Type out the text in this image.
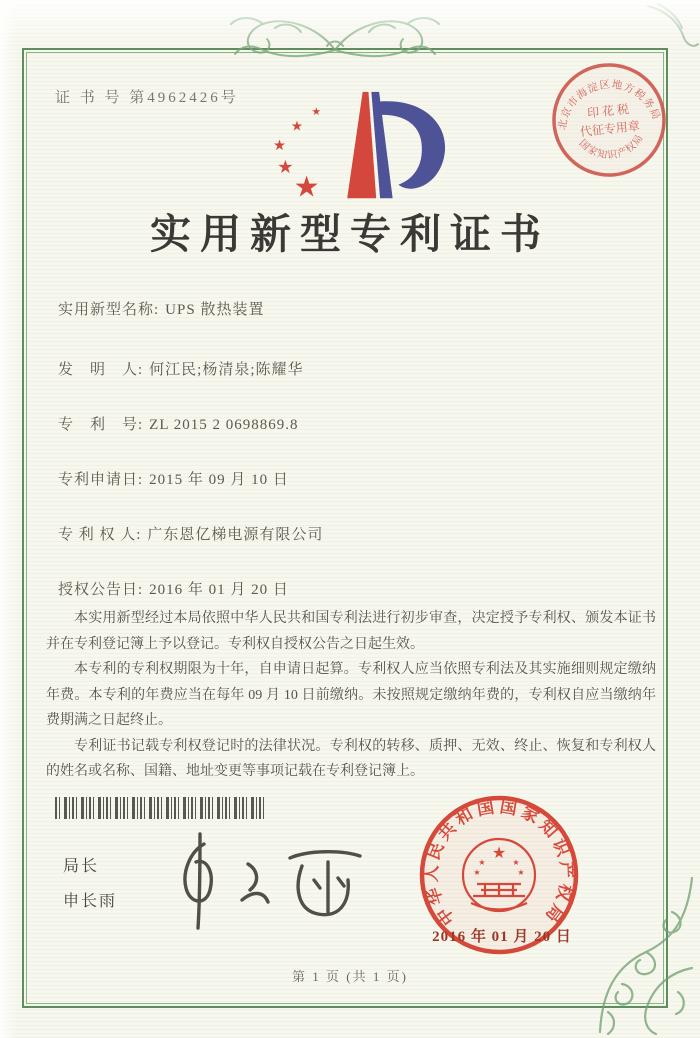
证 书 号 第4962426号
★
★
★
★
★
实用新型专利证书
实用新型名称: UPS 散热装置
发　明　人: 何江民;杨清泉;陈耀华
专　利　号: ZL 2015 2 0698869.8
专利申请日: 2015 年 09 月 10 日
专 利 权 人: 广东恩亿梯电源有限公司
授权公告日: 2016 年 01 月 20 日

本实用新型经过本局依照中华人民共和国专利法进行初步审查，决定授予专利权、颁发本证书并在专利登记簿上予以登记。专利权自授权公告之日起生效。

本专利的专利权期限为十年，自申请日起算。专利权人应当依照专利法及其实施细则规定缴纳年费。本专利的年费应当在每年 09 月 10 日前缴纳。未按照规定缴纳年费的，专利权自应当缴纳年费期满之日起终止。

专利证书记载专利权登记时的法律状况。专利权的转移、质押、无效、终止、恢复和专利权人的姓名或名称、国籍、地址变更等事项记载在专利登记簿上。

局长
申长雨	中华人民共和国国家知识产权局
★
★	★
★	★
2016 年 01 月 20 日
北京市海淀区地方税务局
国家知识产权局
印 花 税
代征专用章
第 1 页 (共 1 页)
